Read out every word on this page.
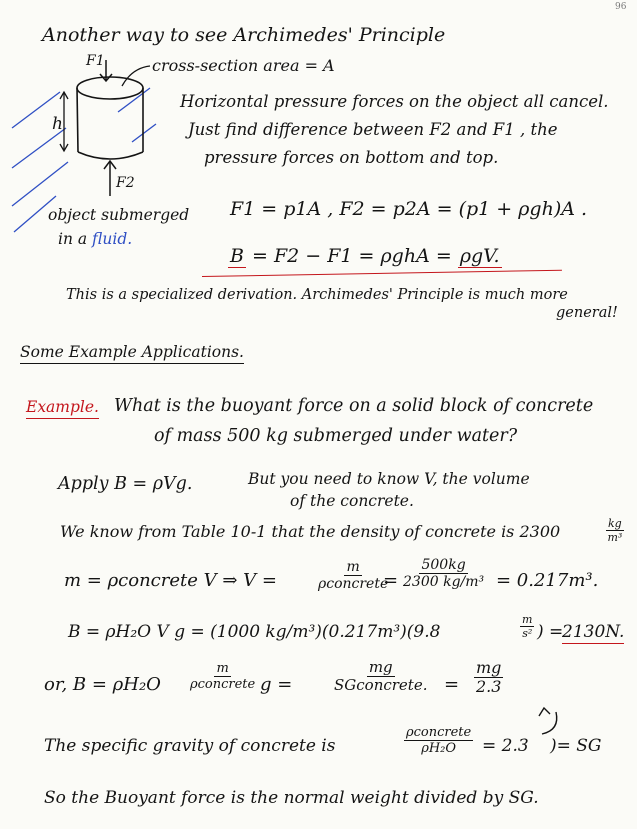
96
Another way to see Archimedes' Principle
F1	cross-section area = A
h
F2
Horizontal pressure forces on the object all cancel.
Just find difference between F2 and F1 , the
pressure forces on bottom and top.
object submerged
in a fluid.
F1 = p1A , F2 = p2A = (p1 + ρgh)A .
B = F2 − F1 = ρghA = ρgV.
This is a specialized derivation. Archimedes' Principle is much more
general!
Some Example Applications.
Example. What is the buoyant force on a solid block of concrete
of mass 500 kg submerged under water?
Apply B = ρVg.	But you need to know V, the volume
of the concrete.
We know from Table 10-1 that the density of concrete is 2300	$\frac{kg}{\text{m³}}$
m = ρconcrete V ⇒ V =
m
ρconcrete
= $\frac{500kg}{\text{2300 kg/m³}} = 0.217m^3$.
B = ρH₂O V g = (1000 kg/m³)(0.217m³)(9.8	$\frac{m}{\text{s²}}$ ) =
2130N.
or, B = ρH₂O
m
ρconcrete g =
mg
SGconcrete. = $\frac{mg}{2.3}$
The specific gravity of concrete is
ρconcrete
ρH₂O = 2.3 )= SG
So the Buoyant force is the normal weight divided by SG.
